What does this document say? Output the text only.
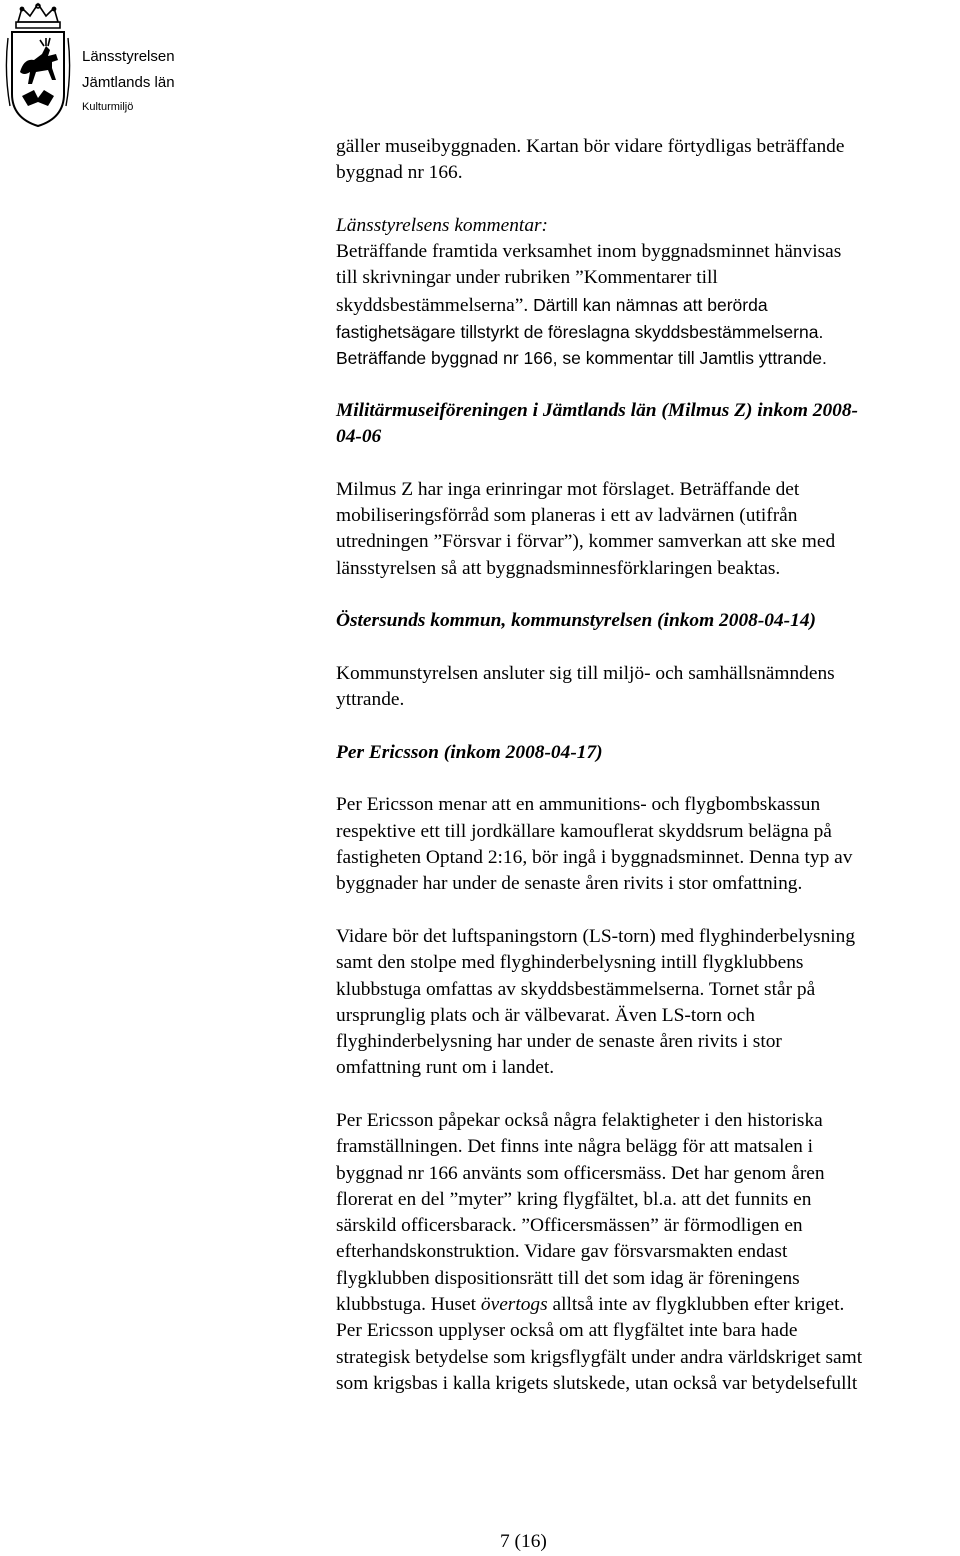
Länsstyrelsen
Jämtlands län
Kulturmiljö

gäller museibyggnaden. Kartan bör vidare förtydligas beträffande
byggnad nr 166.

Länsstyrelsens kommentar:
Beträffande framtida verksamhet inom byggnadsminnet hänvisas
till skrivningar under rubriken ”Kommentarer till
skyddsbestämmelserna”. Därtill kan nämnas att berörda
fastighetsägare tillstyrkt de föreslagna skyddsbestämmelserna.
Beträffande byggnad nr 166, se kommentar till Jamtlis yttrande.

Militärmuseiföreningen i Jämtlands län (Milmus Z) inkom 2008-
04-06

Milmus Z har inga erinringar mot förslaget. Beträffande det
mobiliseringsförråd som planeras i ett av ladvärnen (utifrån
utredningen ”Försvar i förvar”), kommer samverkan att ske med
länsstyrelsen så att byggnadsminnesförklaringen beaktas.

Östersunds kommun, kommunstyrelsen (inkom 2008-04-14)

Kommunstyrelsen ansluter sig till miljö- och samhällsnämndens
yttrande.

Per Ericsson (inkom 2008-04-17)

Per Ericsson menar att en ammunitions- och flygbombskassun
respektive ett till jordkällare kamouflerat skyddsrum belägna på
fastigheten Optand 2:16, bör ingå i byggnadsminnet. Denna typ av
byggnader har under de senaste åren rivits i stor omfattning.

Vidare bör det luftspaningstorn (LS-torn) med flyghinderbelysning
samt den stolpe med flyghinderbelysning intill flygklubbens
klubbstuga omfattas av skyddsbestämmelserna. Tornet står på
ursprunglig plats och är välbevarat. Även LS-torn och
flyghinderbelysning har under de senaste åren rivits i stor
omfattning runt om i landet.

Per Ericsson påpekar också några felaktigheter i den historiska
framställningen. Det finns inte några belägg för att matsalen i
byggnad nr 166 använts som officersmäss. Det har genom åren
florerat en del ”myter” kring flygfältet, bl.a. att det funnits en
särskild officersbarack. ”Officersmässen” är förmodligen en
efterhandskonstruktion. Vidare gav försvarsmakten endast
flygklubben dispositionsrätt till det som idag är föreningens
klubbstuga. Huset övertogs alltså inte av flygklubben efter kriget.
Per Ericsson upplyser också om att flygfältet inte bara hade
strategisk betydelse som krigsflygfält under andra världskriget samt
som krigsbas i kalla krigets slutskede, utan också var betydelsefullt

7 (16)
